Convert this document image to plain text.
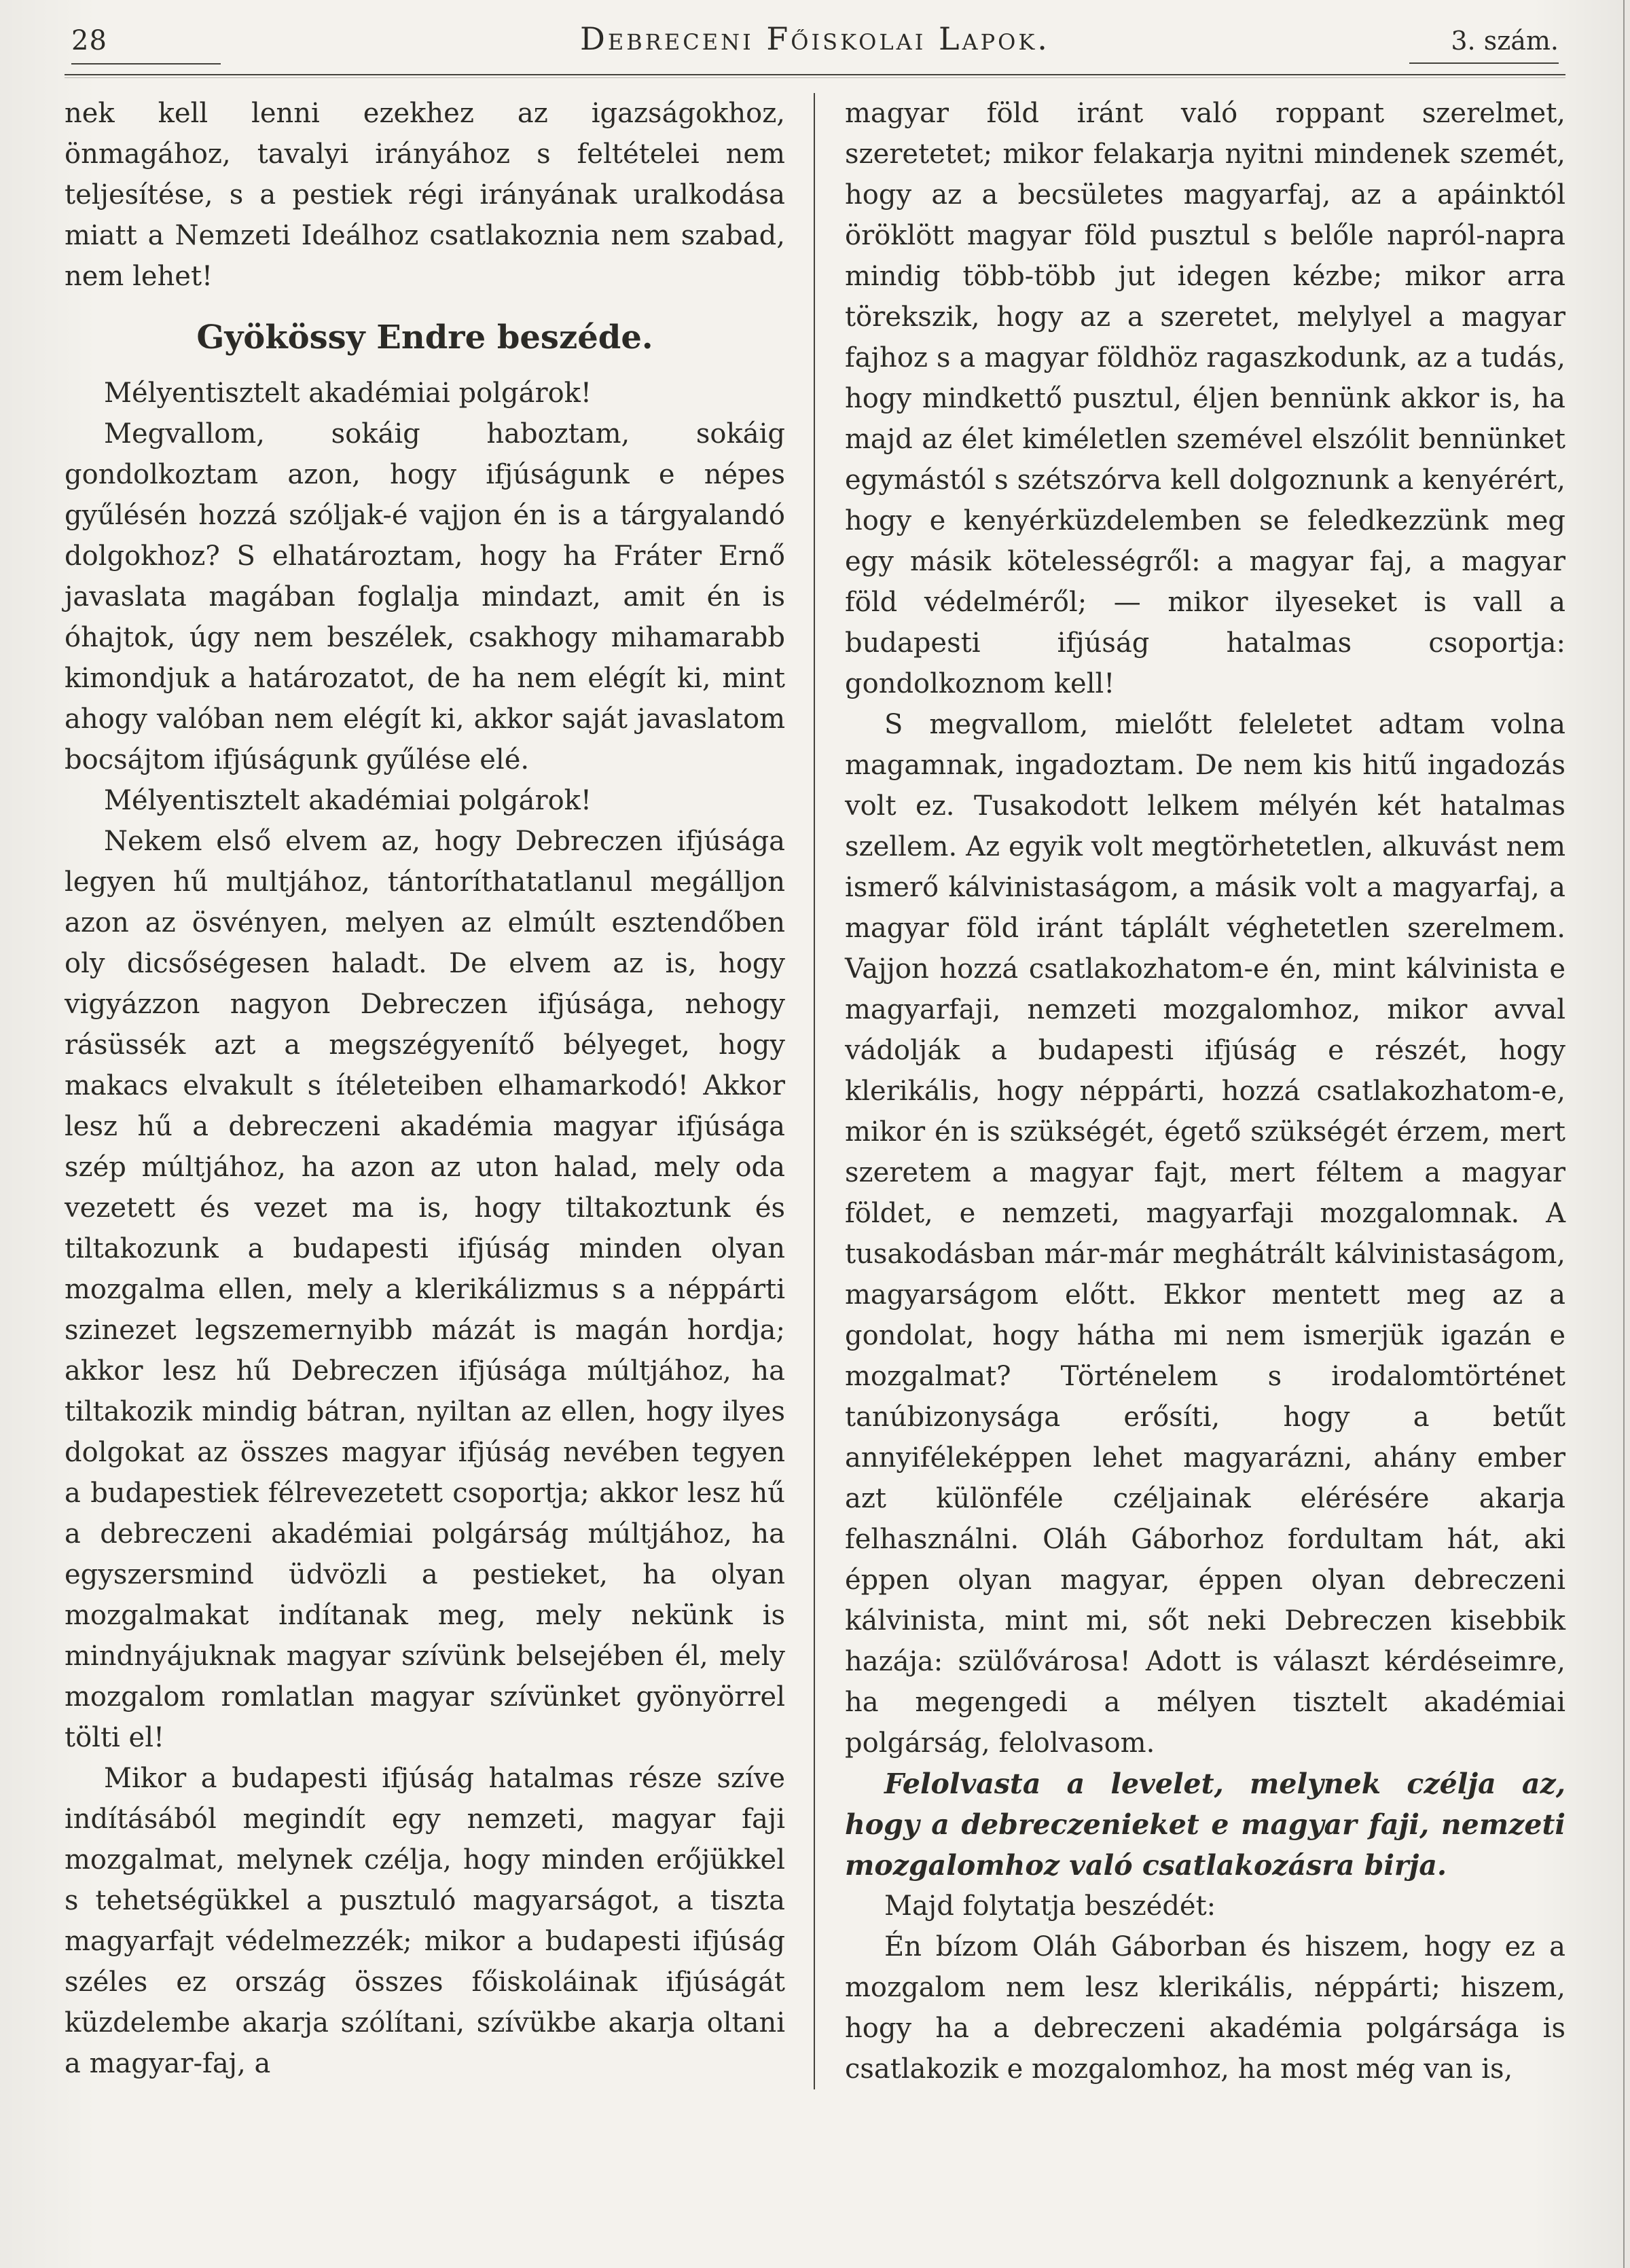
28	Debreceni Főiskolai Lapok.	3. szám.

nek kell lenni ezekhez az igazságokhoz, önmagához, tavalyi irányához s feltételei nem teljesítése, s a pestiek régi irányának uralkodása miatt a Nemzeti Ideálhoz csatlakoznia nem szabad, nem lehet!

Gyökössy Endre beszéde.

Mélyentisztelt akadémiai polgárok!

Megvallom, sokáig haboztam, sokáig gondolkoztam azon, hogy ifjúságunk e népes gyűlésén hozzá szóljak-é vajjon én is a tárgyalandó dolgokhoz? S elhatároztam, hogy ha Fráter Ernő javaslata magában foglalja mindazt, amit én is óhajtok, úgy nem beszélek, csakhogy mihamarabb kimondjuk a határozatot, de ha nem elégít ki, mint ahogy valóban nem elégít ki, akkor saját javaslatom bocsájtom ifjúságunk gyűlése elé.

Mélyentisztelt akadémiai polgárok!

Nekem első elvem az, hogy Debreczen ifjúsága legyen hű multjához, tántoríthatatlanul megálljon azon az ösvényen, melyen az elmúlt esztendőben oly dicsőségesen haladt. De elvem az is, hogy vigyázzon nagyon Debreczen ifjúsága, nehogy rásüssék azt a megszégyenítő bélyeget, hogy makacs elvakult s ítéleteiben elhamarkodó! Akkor lesz hű a debreczeni akadémia magyar ifjúsága szép múltjához, ha azon az uton halad, mely oda vezetett és vezet ma is, hogy tiltakoztunk és tiltakozunk a budapesti ifjúság minden olyan mozgalma ellen, mely a klerikálizmus s a néppárti szinezet legszemernyibb mázát is magán hordja; akkor lesz hű Debreczen ifjúsága múltjához, ha tiltakozik mindig bátran, nyiltan az ellen, hogy ilyes dolgokat az összes magyar ifjúság nevében tegyen a budapestiek félrevezetett csoportja; akkor lesz hű a debreczeni akadémiai polgárság múltjához, ha egyszersmind üdvözli a pestieket, ha olyan mozgalmakat indítanak meg, mely nekünk is mindnyájuknak magyar szívünk belsejében él, mely mozgalom romlatlan magyar szívünket gyönyörrel tölti el!

Mikor a budapesti ifjúság hatalmas része szíve indításából megindít egy nemzeti, magyar faji mozgalmat, melynek czélja, hogy minden erőjükkel s tehetségükkel a pusztuló magyarságot, a tiszta magyarfajt védelmezzék; mikor a budapesti ifjúság széles ez ország összes főiskoláinak ifjúságát küzdelembe akarja szólítani, szívükbe akarja oltani a magyar-faj, a

magyar föld iránt való roppant szerelmet, szeretetet; mikor felakarja nyitni mindenek szemét, hogy az a becsületes magyarfaj, az a apáinktól öröklött magyar föld pusztul s belőle napról-napra mindig több-több jut idegen kézbe; mikor arra törekszik, hogy az a szeretet, melylyel a magyar fajhoz s a magyar földhöz ragaszkodunk, az a tudás, hogy mindkettő pusztul, éljen bennünk akkor is, ha majd az élet kiméletlen szemével elszólit bennünket egymástól s szétszórva kell dolgoznunk a kenyérért, hogy e kenyérküzdelemben se feledkezzünk meg egy másik kötelességről: a magyar faj, a magyar föld védelméről; — mikor ilyeseket is vall a budapesti ifjúság hatalmas csoportja: gondolkoznom kell!

S megvallom, mielőtt feleletet adtam volna magamnak, ingadoztam. De nem kis hitű ingadozás volt ez. Tusakodott lelkem mélyén két hatalmas szellem. Az egyik volt megtörhetetlen, alkuvást nem ismerő kálvinistaságom, a másik volt a magyarfaj, a magyar föld iránt táplált véghetetlen szerelmem. Vajjon hozzá csatlakozhatom-e én, mint kálvinista e magyarfaji, nemzeti mozgalomhoz, mikor avval vádolják a budapesti ifjúság e részét, hogy klerikális, hogy néppárti, hozzá csatlakozhatom-e, mikor én is szükségét, égető szükségét érzem, mert szeretem a magyar fajt, mert féltem a magyar földet, e nemzeti, magyarfaji mozgalomnak. A tusakodásban már-már meghátrált kálvinistaságom, magyarságom előtt. Ekkor mentett meg az a gondolat, hogy hátha mi nem ismerjük igazán e mozgalmat? Történelem s irodalomtörténet tanúbizonysága erősíti, hogy a betűt annyiféleképpen lehet magyarázni, ahány ember azt különféle czéljainak elérésére akarja felhasználni. Oláh Gáborhoz fordultam hát, aki éppen olyan magyar, éppen olyan debreczeni kálvinista, mint mi, sőt neki Debreczen kisebbik hazája: szülővárosa! Adott is választ kérdéseimre, ha megengedi a mélyen tisztelt akadémiai polgárság, felolvasom.

Felolvasta a levelet, melynek czélja az, hogy a debreczenieket e magyar faji, nemzeti mozgalomhoz való csatlakozásra birja.

Majd folytatja beszédét:

Én bízom Oláh Gáborban és hiszem, hogy ez a mozgalom nem lesz klerikális, néppárti; hiszem, hogy ha a debreczeni akadémia polgársága is csatlakozik e mozgalomhoz, ha most még van is,
